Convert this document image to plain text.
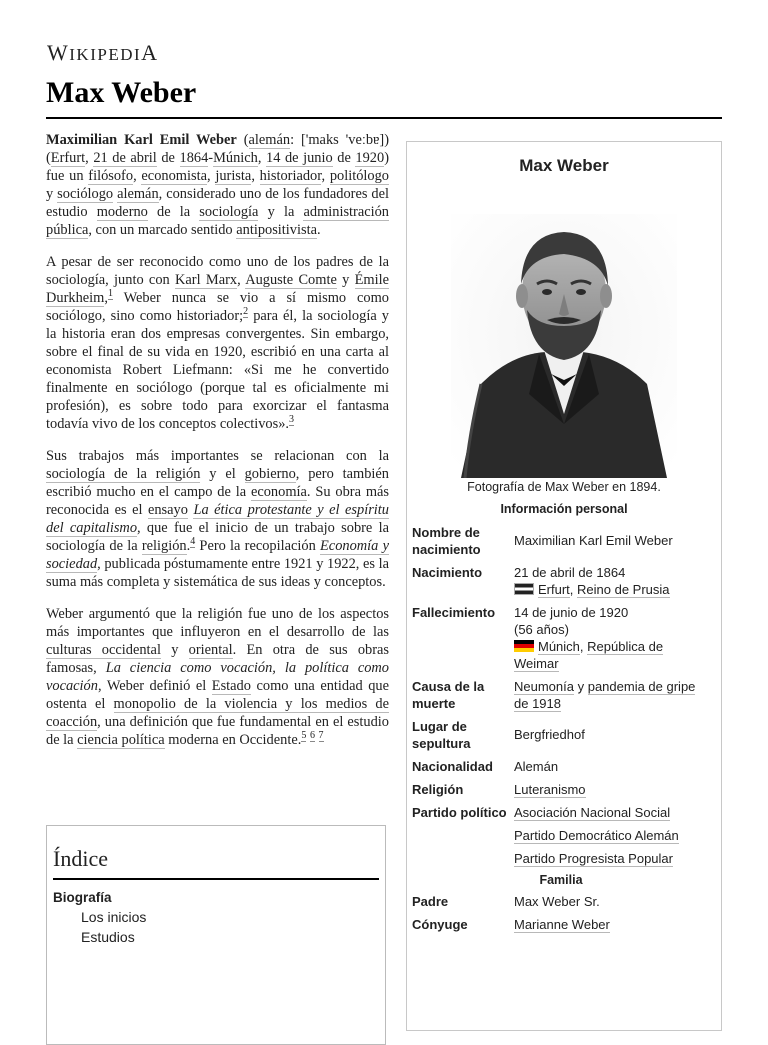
WIKIPEDIA
Max Weber

Maximilian Karl Emil Weber (alemán: ['maks 'veːbɐ]) (Erfurt, 21 de abril de 1864-Múnich, 14 de junio de 1920) fue un filósofo, economista, jurista, historiador, politólogo y sociólogo alemán, considerado uno de los fundadores del estudio moderno de la sociología y la administración pública, con un marcado sentido antipositivista.

A pesar de ser reconocido como uno de los padres de la sociología, junto con Karl Marx, Auguste Comte y Émile Durkheim,$^1$ Weber nunca se vio a sí mismo como sociólogo, sino como historiador;$^2$ para él, la sociología y la historia eran dos empresas convergentes. Sin embargo, sobre el final de su vida en 1920, escribió en una carta al economista Robert Liefmann: «Si me he convertido finalmente en sociólogo (porque tal es oficialmente mi profesión), es sobre todo para exorcizar el fantasma todavía vivo de los conceptos colectivos».$^3$

Sus trabajos más importantes se relacionan con la sociología de la religión y el gobierno, pero también escribió mucho en el campo de la economía. Su obra más reconocida es el ensayo La ética protestante y el espíritu del capitalismo, que fue el inicio de un trabajo sobre la sociología de la religión.$^4$ Pero la recopilación Economía y sociedad, publicada póstumamente entre 1921 y 1922, es la suma más completa y sistemática de sus ideas y conceptos.

Weber argumentó que la religión fue uno de los aspectos más importantes que influyeron en el desarrollo de las culturas occidental y oriental. En otra de sus obras famosas, La ciencia como vocación, la política como vocación, Weber definió el Estado como una entidad que ostenta el monopolio de la violencia y los medios de coacción, una definición que fue fundamental en el estudio de la ciencia política moderna en Occidente.$^5$ $^6$ $^7$

Índice
Biografía
Los inicios
Estudios
Max Weber
Fotografía de Max Weber en 1894.
Información personal
Nombre de nacimiento	Maximilian Karl Emil Weber
Nacimiento	21 de abril de 1864
Erfurt, Reino de Prusia

Fallecimiento	14 de junio de 1920
(56 años)
Múnich, República de Weimar

Causa de la muerte	Neumonía y pandemia de gripe de 1918
Lugar de sepultura	Bergfriedhof
Nacionalidad	Alemán
Religión	Luteranismo
Partido político	Asociación Nacional Social
Partido Democrático Alemán
Partido Progresista Popular

Familia	
Padre	Max Weber Sr.
Cónyuge	Marianne Weber
